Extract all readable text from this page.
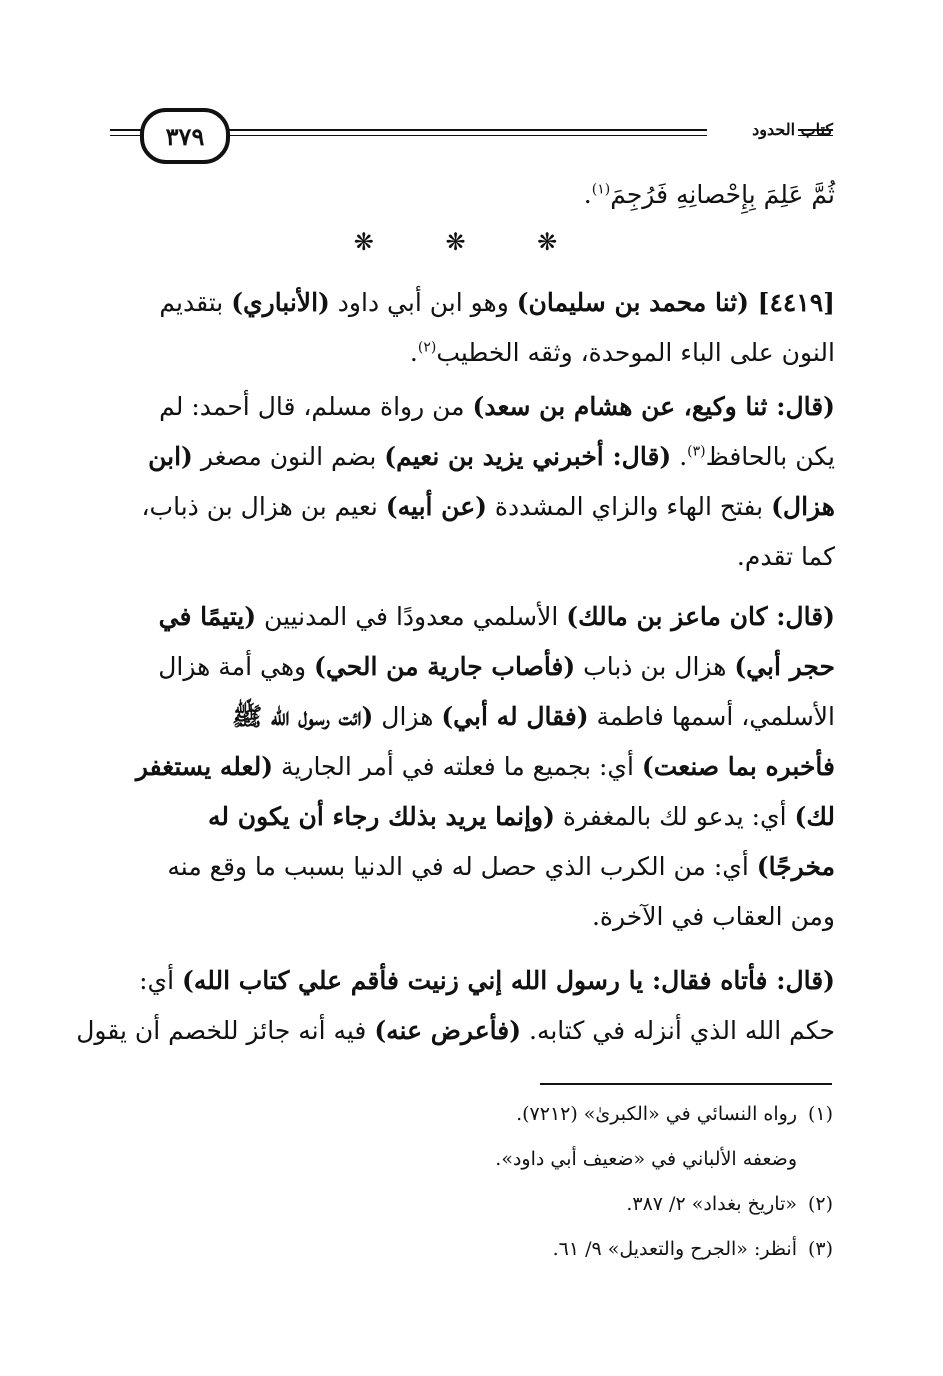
كتاب الحدود
٣٧٩
ثُمَّ عَلِمَ بِإِحْصانِهِ فَرُجِمَ$^{(١)}$.
❋ ❋ ❋
[٤٤١٩] (ثنا محمد بن سليمان) وهو ابن أبي داود (الأنباري) بتقديم
النون على الباء الموحدة، وثقه الخطيب$^{(٢)}$.
(قال: ثنا وكيع، عن هشام بن سعد) من رواة مسلم، قال أحمد: لم
يكن بالحافظ$^{(٣)}$. (قال: أخبرني يزيد بن نعيم) بضم النون مصغر (ابن
هزال) بفتح الهاء والزاي المشددة (عن أبيه) نعيم بن هزال بن ذباب،
كما تقدم.
(قال: كان ماعز بن مالك) الأسلمي معدودًا في المدنيين (يتيمًا في
حجر أبي) هزال بن ذباب (فأصاب جارية من الحي) وهي أمة هزال
الأسلمي، أسمها فاطمة (فقال له أبي) هزال (ائت رسول الله ﷺ
فأخبره بما صنعت) أي: بجميع ما فعلته في أمر الجارية (لعله يستغفر
لك) أي: يدعو لك بالمغفرة (وإنما يريد بذلك رجاء أن يكون له
مخرجًا) أي: من الكرب الذي حصل له في الدنيا بسبب ما وقع منه
ومن العقاب في الآخرة.
(قال: فأتاه فقال: يا رسول الله إني زنيت فأقم علي كتاب الله) أي:
حكم الله الذي أنزله في كتابه. (فأعرض عنه) فيه أنه جائز للخصم أن يقول
(١)رواه النسائي في «الكبرىٰ» (٧٢١٢).
وضعفه الألباني في «ضعيف أبي داود».
(٢)«تاريخ بغداد» ٢/ ٣٨٧.
(٣)أنظر: «الجرح والتعديل» ٩/ ٦١.
